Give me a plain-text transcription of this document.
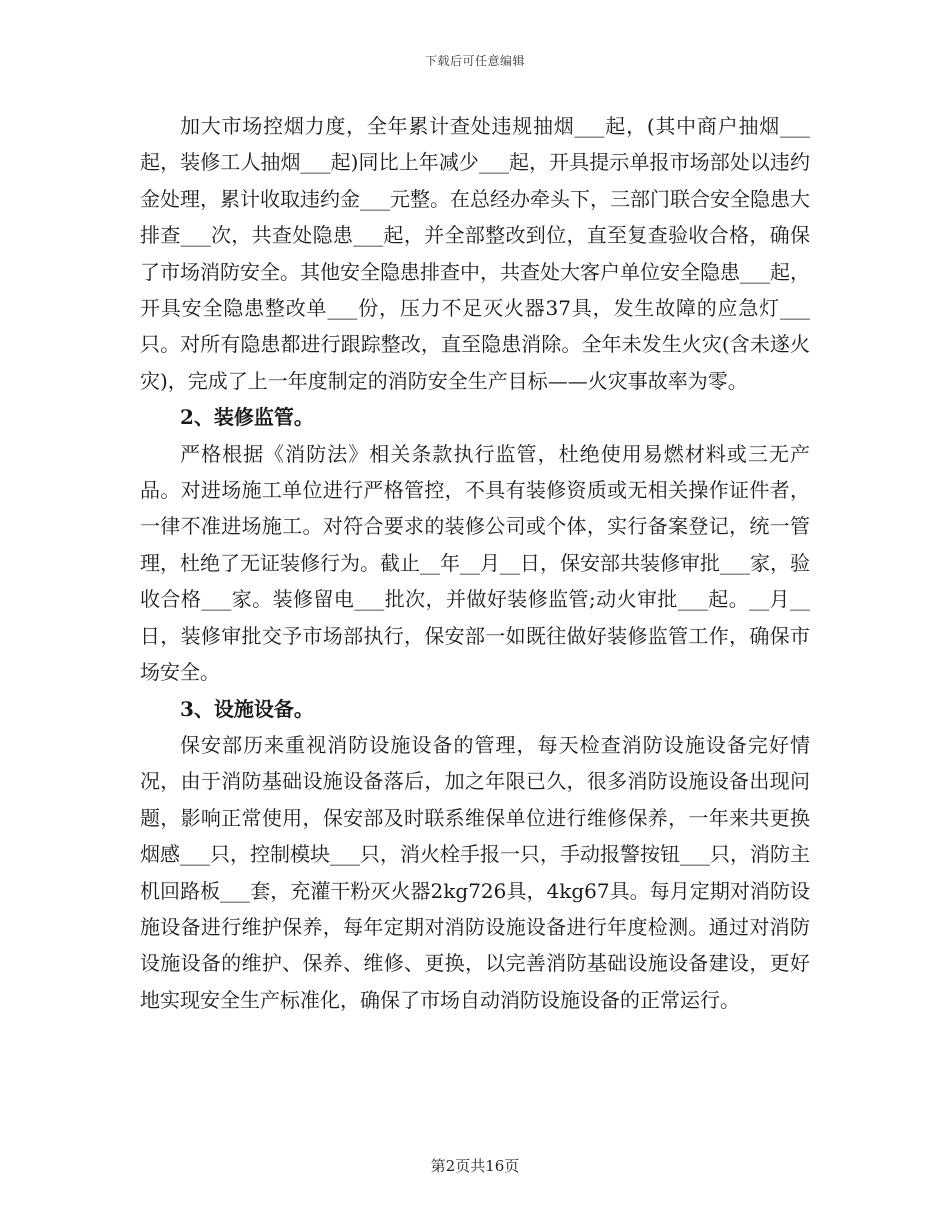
下载后可任意编辑

加大市场控烟力度，全年累计查处违规抽烟___起，(其中商户抽烟___起，装修工人抽烟___起)同比上年减少___起，开具提示单报市场部处以违约金处理，累计收取违约金___元整。在总经办牵头下，三部门联合安全隐患大排查___次，共查处隐患___起，并全部整改到位，直至复查验收合格，确保了市场消防安全。其他安全隐患排查中，共查处大客户单位安全隐患___起，开具安全隐患整改单___份，压力不足灭火器37具，发生故障的应急灯___只。对所有隐患都进行跟踪整改，直至隐患消除。全年未发生火灾(含未遂火灾)，完成了上一年度制定的消防安全生产目标——火灾事故率为零。

2、装修监管。

严格根据《消防法》相关条款执行监管，杜绝使用易燃材料或三无产品。对进场施工单位进行严格管控，不具有装修资质或无相关操作证件者，一律不准进场施工。对符合要求的装修公司或个体，实行备案登记，统一管理，杜绝了无证装修行为。截止__年__月__日，保安部共装修审批___家，验收合格___家。装修留电___批次，并做好装修监管;动火审批___起。__月__日，装修审批交予市场部执行，保安部一如既往做好装修监管工作，确保市场安全。

3、设施设备。

保安部历来重视消防设施设备的管理，每天检查消防设施设备完好情况，由于消防基础设施设备落后，加之年限已久，很多消防设施设备出现问题，影响正常使用，保安部及时联系维保单位进行维修保养，一年来共更换烟感___只，控制模块___只，消火栓手报一只，手动报警按钮___只，消防主机回路板___套，充灌干粉灭火器2kg726具，4kg67具。每月定期对消防设施设备进行维护保养，每年定期对消防设施设备进行年度检测。通过对消防设施设备的维护、保养、维修、更换，以完善消防基础设施设备建设，更好地实现安全生产标准化，确保了市场自动消防设施设备的正常运行。

第2页共16页
